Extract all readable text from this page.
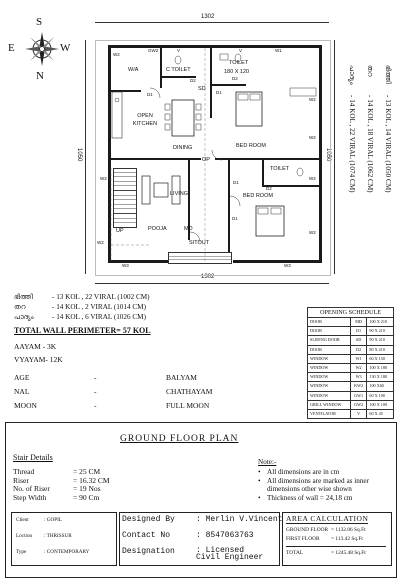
S
E	W
N
1302
1302
1050	1050
W/A	C TOILET
TOILET
180 X 120
OPEN KITCHEN
DINING	BED ROOM
LIVING	BED ROOM
TOILET
SITOUT
POOJA
UP
OP
SD
MD
GW2	V
W2
V	W1
D2
D1	D1
D2
W2
W2
W2
W2
W3	W3
W2
D1
D2
D1
W2
ഭിത്തി- 13 KOL , 14 VIRAL (1050 CM)
തറ- 14 KOL , 18 VIRAL (1062 CM)
പാദ്യം- 14 KOL , 22 VIRAL (1074 CM)
ഭിത്തി	- 13 KOL , 22 VIRAL (1002 CM)
തറ	- 14 KOL , 2 VIRAL (1014 CM)
പാദ്യം	- 14 KOL , 6 VIRAL (1026 CM)
TOTAL WALL PERIMETER= 57 KOL
AAYAM - 3K
VYAYAM- 12K
AGE	-	BALYAM
NAL	-	CHATHAYAM
MOON	-	FULL MOON
OPENING SCHEDULE
DOOR	MD	100 X 210
DOOR	D1	90 X 210
SLIDING DOOR	SD	90 X 210
DOOR	D2	80 X 210
WINDOW	W1	60 X 150
WINDOW	W2	100 X 180
WINDOW	W3	130 X 180
WINDOW	KW2	100 X60
WINDOW	GW1	60 X 100
GRILL WINDOW	GW2	100 X 100
VENTILATOR	V	60 X 45
GROUND FLOOR PLAN
Stair Details
Thread	= 25 CM
Riser	= 16.32 CM
No. of Riser	= 19 Nos
Step Width	= 90 Cm
Note:-
• All dimensions are in cm
• All dimensions are marked as inner dimensions other wise shown
• Thickness of wall = 24,18 cm
Client	: GOPIL
Loction : THRISSUR
Type	: CONTEMPORARY
Designed By	: Merlin V.Vincent
Contact No	: 8547063763
Designation	: Licensed Civil Engineer
AREA CALCULATION
GROUND FLOOR = 1132.06 Sq.Ft
FIRST FLOOR = 113.42 Sq.Ft
TOTAL	= 1245.48 Sq.Ft
